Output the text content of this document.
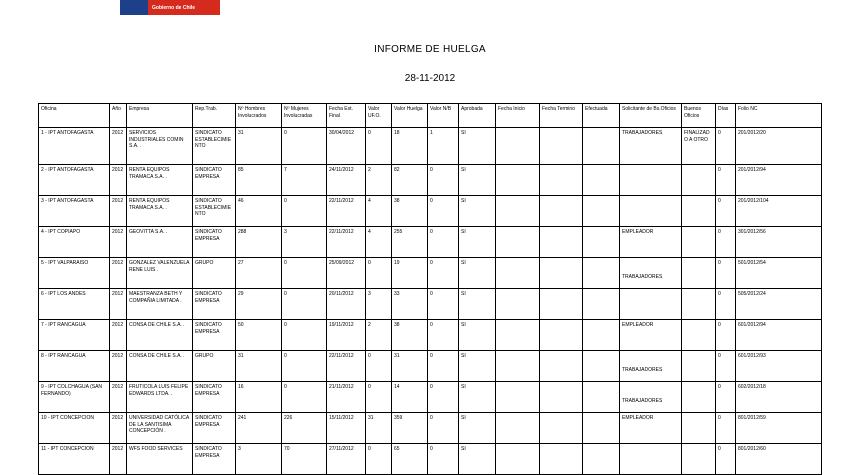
Gobierno de Chile
INFORME DE HUELGA
28-11-2012
Oficina	Año	Empresa	Rep.Trab.	Nº Hombres Involucrados	Nº Mujeres Involucradas	Fecha Est. Final	Valor UF.O.	Valor Huelga	Valor N/B	Aprobada	Fecha Inicio	Fecha Termino	Efectuada	Solicitante de Bs.Oficios	Buenos Oficios	Días	Folio NC
1 - IPT ANTOFAGASTA	2012	SERVICIOS INDUSTRIALES COMIN S.A. .	SINDICATO ESTABLECIMIENTO	31	0	30/04/2012	0	18	1	SI				TRABAJADORES	FINALIZADO A OTRO	0	201/2012/20
2 - IPT ANTOFAGASTA	2012	RENTA EQUIPOS TRAMACA S.A. .	SINDICATO EMPRESA	85	7	24/11/2012	2	82	0	SI						0	201/2012/94
3 - IPT ANTOFAGASTA	2012	RENTA EQUIPOS TRAMACA S.A. .	SINDICATO ESTABLECIMIENTO	46	0	22/11/2012	4	38	0	SI						0	201/2012/104
4 - IPT COPIAPO	2012	GEOVITTA S.A. .	SINDICATO EMPRESA	288	3	22/11/2012	4	255	0	SI				EMPLEADOR		0	301/2012/56
5 - IPT VALPARAISO	2012	GONZALEZ VALENZUELA RENE LUIS .	GRUPO	27	0	25/09/2012	0	19	0	SI				TRABAJADORES		0	501/2012/54
6 - IPT LOS ANDES	2012	MAESTRANZA BETH Y COMPAÑIA LIMITADA .	SINDICATO EMPRESA	29	0	20/11/2012	3	33	0	SI						0	505/2012/24
7 - IPT RANCAGUA	2012	CONSA DE CHILE S.A. .	SINDICATO EMPRESA	50	0	19/11/2012	2	38	0	SI				EMPLEADOR		0	601/2012/94
8 - IPT RANCAGUA	2012	CONSA DE CHILE S.A. .	GRUPO	31	0	22/11/2012	0	31	0	SI				TRABAJADORES		0	601/2012/93
9 - IPT COLCHAGUA (SAN FERNANDO)	2012	FRUTICOLA LUIS FELIPE EDWARDS LTDA. .	SINDICATO EMPRESA	16	0	21/11/2012	0	14	0	SI				TRABAJADORES		0	602/2012/18
10 - IPT CONCEPCION	2012	UNIVERSIDAD CATÓLICA DE LA SANTISIMA CONCEPCIÓN .	SINDICATO EMPRESA	241	226	15/11/2012	31	359	0	SI				EMPLEADOR		0	801/2012/59
11 - IPT CONCEPCION	2012	WFS FOOD SERVICES	SINDICATO EMPRESA	3	70	27/11/2012	0	65	0	SI						0	801/2012/60
